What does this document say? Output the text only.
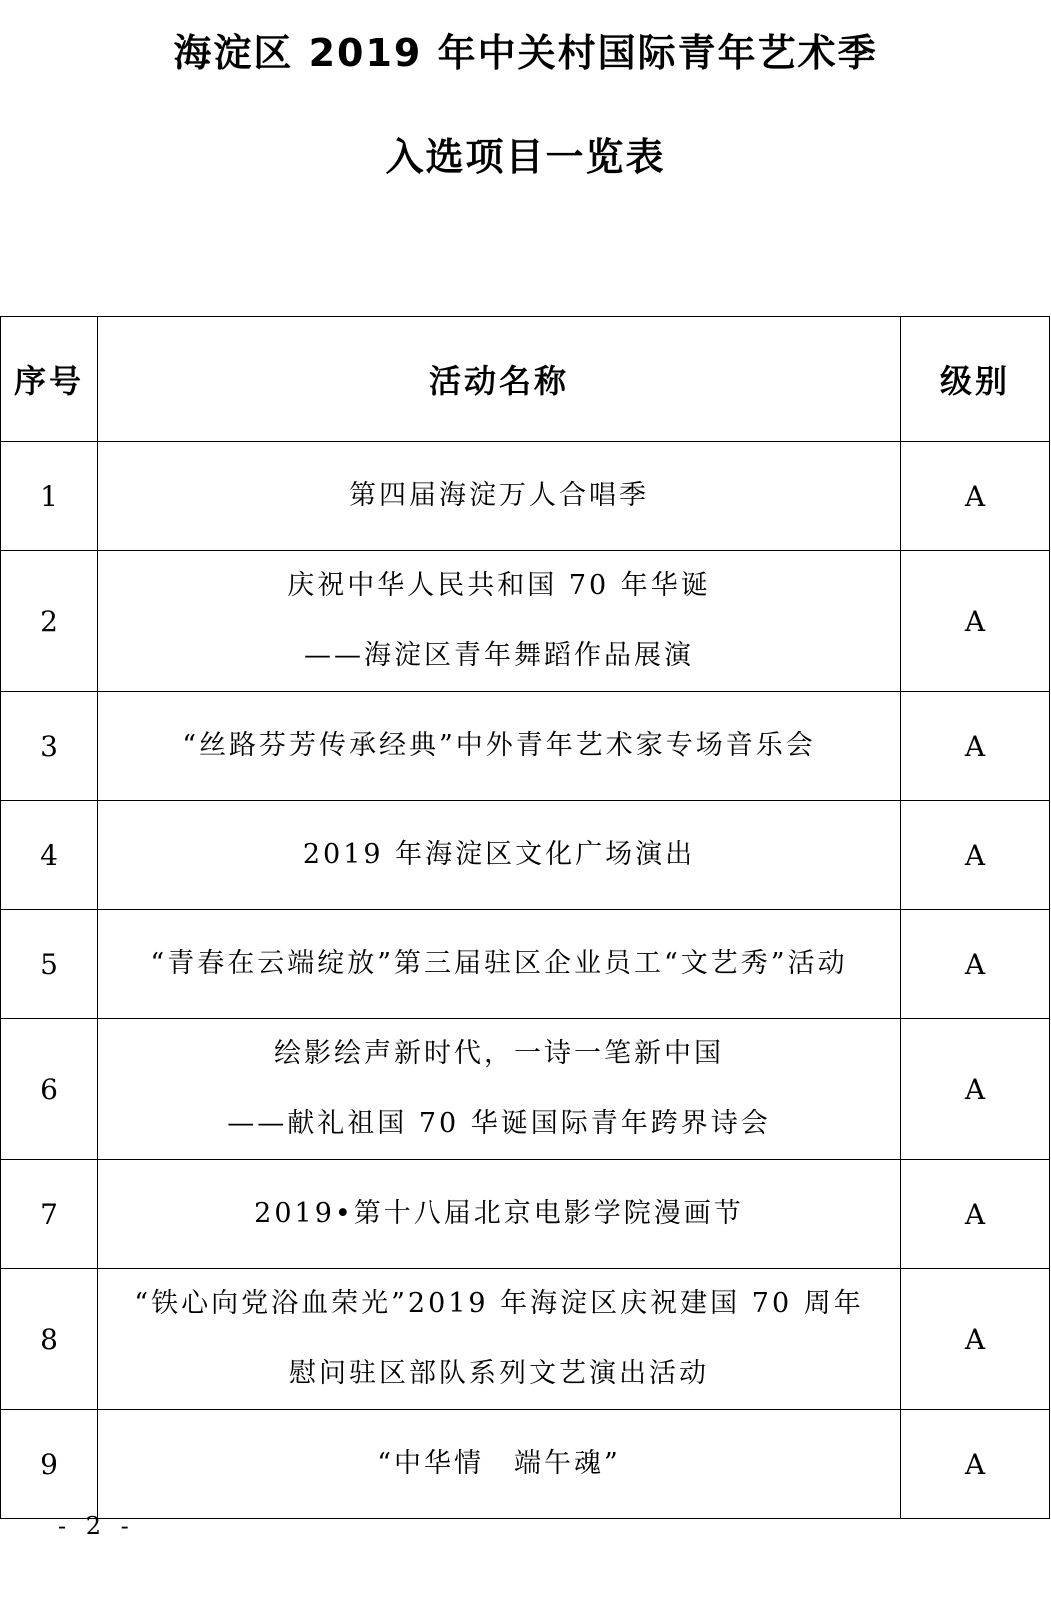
海淀区 2019 年中关村国际青年艺术季
入选项目一览表
序号	活动名称	级别
1	第四届海淀万人合唱季	A
2	庆祝中华人民共和国 70 年华诞
——海淀区青年舞蹈作品展演	A
3	“丝路芬芳传承经典”中外青年艺术家专场音乐会	A
4	2019 年海淀区文化广场演出	A
5	“青春在云端绽放”第三届驻区企业员工“文艺秀”活动	A
6	绘影绘声新时代，一诗一笔新中国
——献礼祖国 70 华诞国际青年跨界诗会	A
7	2019•第十八届北京电影学院漫画节	A
8	“铁心向党浴血荣光”2019 年海淀区庆祝建国 70 周年
慰问驻区部队系列文艺演出活动	A
9	“中华情　端午魂”	A
- 2 -
